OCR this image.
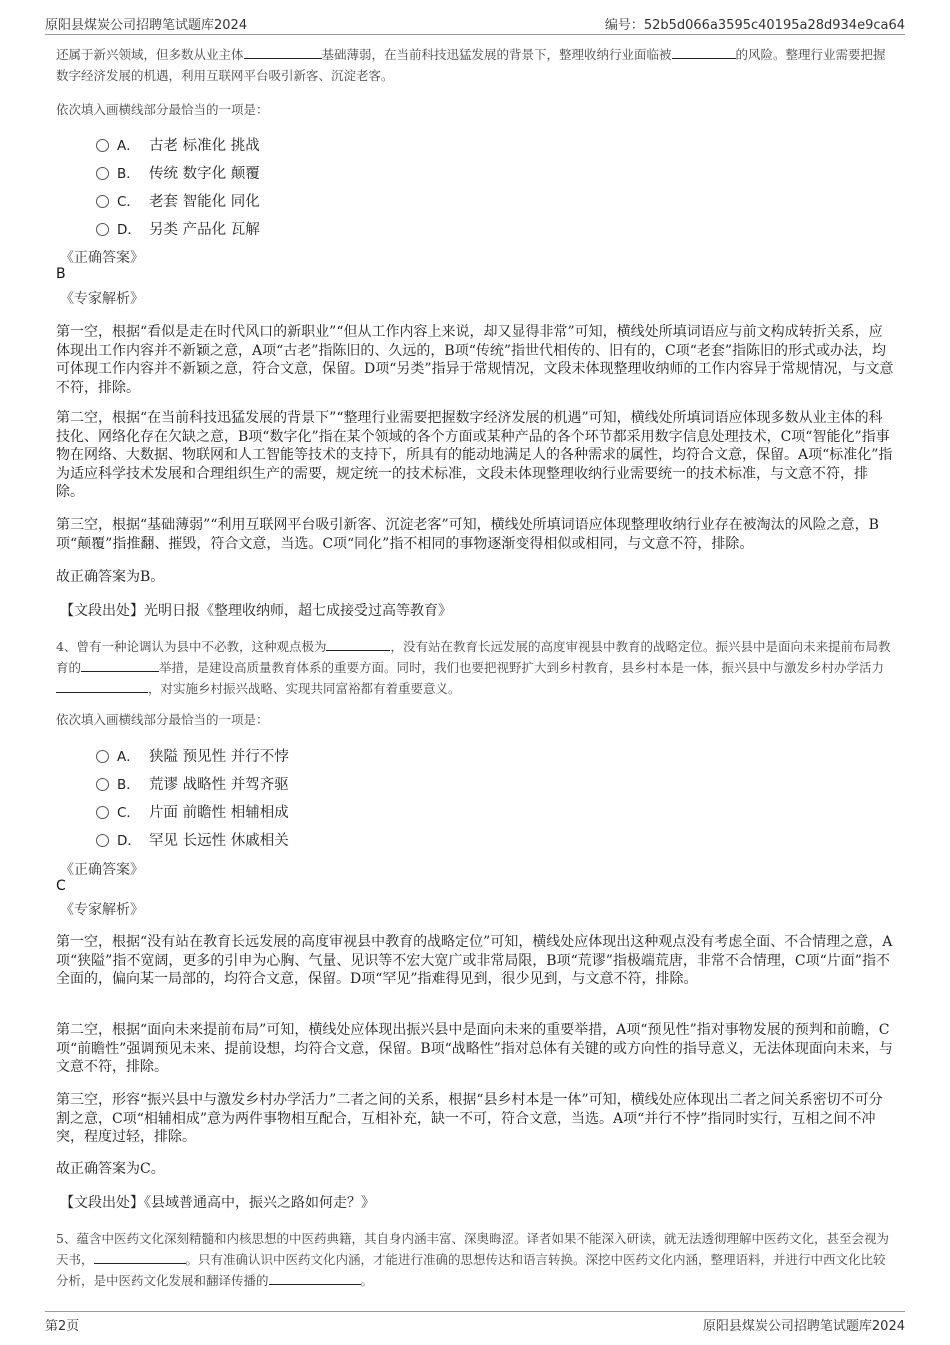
原阳县煤炭公司招聘笔试题库2024	编号：52b5d066a3595c40195a28d934e9ca64
还属于新兴领域，但多数从业主体	基础薄弱，在当前科技迅猛发展的背景下，整理收纳行业面临被	的风险。整理行业需要把握数字经济发展的机遇，利用互联网平台吸引新客、沉淀老客。
依次填入画横线部分最恰当的一项是：
A． 古老 标准化 挑战
B． 传统 数字化 颠覆
C． 老套 智能化 同化
D． 另类 产品化 瓦解
《正确答案》
B
《专家解析》
第一空，根据“看似是走在时代风口的新职业”“但从工作内容上来说，却又显得非常”可知，横线处所填词语应与前文构成转折关系，应体现出工作内容并不新颖之意，A项“古老”指陈旧的、久远的，B项“传统”指世代相传的、旧有的，C项“老套”指陈旧的形式或办法，均可体现工作内容并不新颖之意，符合文意，保留。D项“另类”指异于常规情况，文段未体现整理收纳师的工作内容异于常规情况，与文意不符，排除。
第二空，根据“在当前科技迅猛发展的背景下”“整理行业需要把握数字经济发展的机遇”可知，横线处所填词语应体现多数从业主体的科技化、网络化存在欠缺之意，B项“数字化”指在某个领域的各个方面或某种产品的各个环节都采用数字信息处理技术，C项“智能化”指事物在网络、大数据、物联网和人工智能等技术的支持下，所具有的能动地满足人的各种需求的属性，均符合文意，保留。A项“标准化”指为适应科学技术发展和合理组织生产的需要，规定统一的技术标准，文段未体现整理收纳行业需要统一的技术标准，与文意不符，排除。
第三空，根据“基础薄弱”“利用互联网平台吸引新客、沉淀老客”可知，横线处所填词语应体现整理收纳行业存在被淘汰的风险之意，B项“颠覆”指推翻、摧毁，符合文意，当选。C项“同化”指不相同的事物逐渐变得相似或相同，与文意不符，排除。
故正确答案为B。
【文段出处】光明日报《整理收纳师，超七成接受过高等教育》
4、曾有一种论调认为县中不必教，这种观点极为	，没有站在教育长远发展的高度审视县中教育的战略定位。振兴县中是面向未来提前布局教育的	举措，是建设高质量教育体系的重要方面。同时，我们也要把视野扩大到乡村教育，县乡村本是一体，振兴县中与激发乡村办学活力，对实施乡村振兴战略、实现共同富裕都有着重要意义。
依次填入画横线部分最恰当的一项是：
A． 狭隘 预见性 并行不悖
B． 荒谬 战略性 并驾齐驱
C． 片面 前瞻性 相辅相成
D． 罕见 长远性 休戚相关
《正确答案》
C
《专家解析》
第一空，根据“没有站在教育长远发展的高度审视县中教育的战略定位”可知，横线处应体现出这种观点没有考虑全面、不合情理之意，A项“狭隘”指不宽阔，更多的引申为心胸、气量、见识等不宏大宽广或非常局限，B项“荒谬”指极端荒唐，非常不合情理，C项“片面”指不全面的，偏向某一局部的，均符合文意，保留。D项“罕见”指难得见到，很少见到，与文意不符，排除。
第二空，根据“面向未来提前布局”可知，横线处应体现出振兴县中是面向未来的重要举措，A项“预见性”指对事物发展的预判和前瞻，C项“前瞻性”强调预见未来、提前设想，均符合文意，保留。B项“战略性”指对总体有关键的或方向性的指导意义，无法体现面向未来，与文意不符，排除。
第三空，形容“振兴县中与激发乡村办学活力”二者之间的关系，根据“县乡村本是一体”可知，横线处应体现出二者之间关系密切不可分割之意，C项“相辅相成”意为两件事物相互配合，互相补充，缺一不可，符合文意，当选。A项“并行不悖”指同时实行，互相之间不冲突，程度过轻，排除。
故正确答案为C。
【文段出处】《县域普通高中，振兴之路如何走？》
5、蕴含中医药文化深刻精髓和内核思想的中医药典籍，其自身内涵丰富、深奥晦涩。译者如果不能深入研读，就无法透彻理解中医药文化，甚至会视为天书，	。只有准确认识中医药文化内涵，才能进行准确的思想传达和语言转换。深挖中医药文化内涵，整理语料，并进行中西文化比较分析，是中医药文化发展和翻译传播的	。
第2页	原阳县煤炭公司招聘笔试题库2024
